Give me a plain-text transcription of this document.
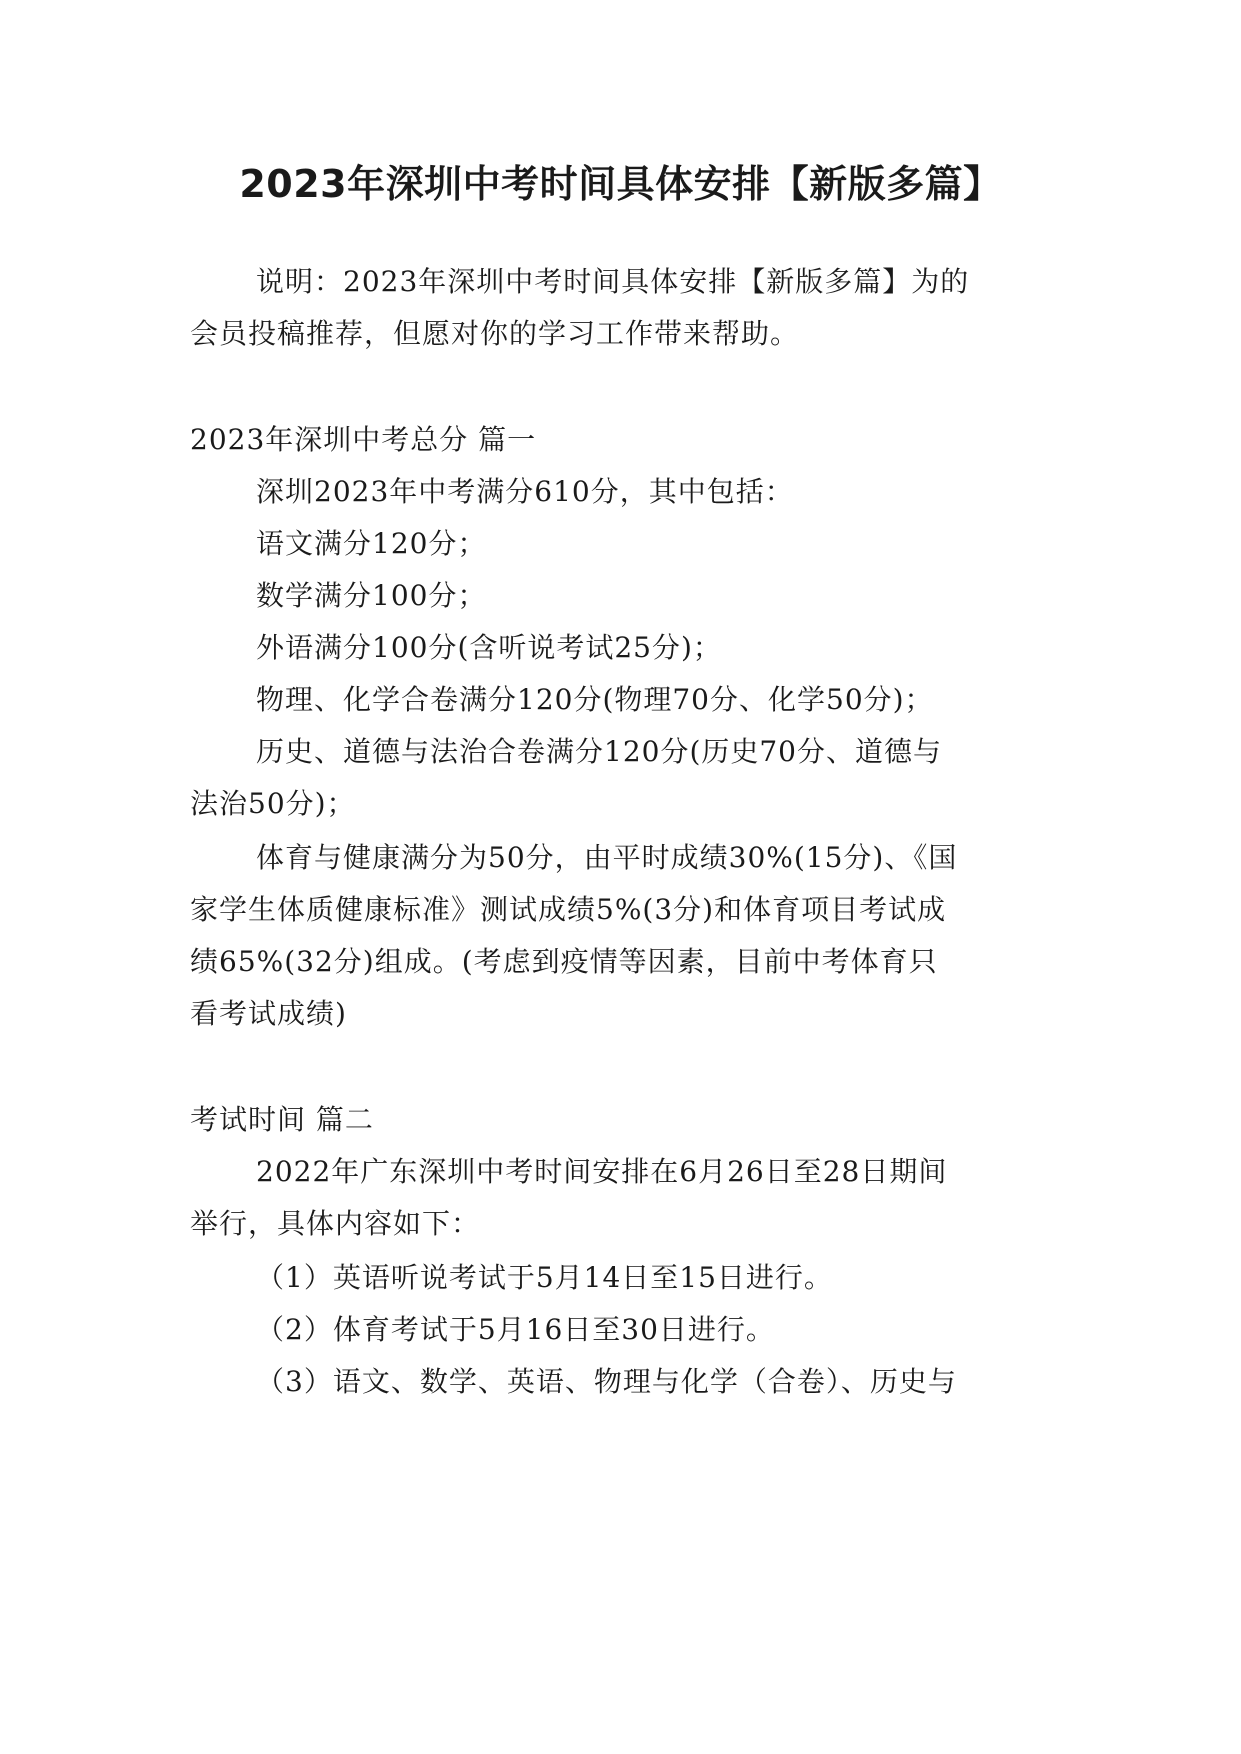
2023年深圳中考时间具体安排【新版多篇】
说明：2023年深圳中考时间具体安排【新版多篇】为的
会员投稿推荐，但愿对你的学习工作带来帮助。
2023年深圳中考总分 篇一
深圳2023年中考满分610分，其中包括：
语文满分120分；
数学满分100分；
外语满分100分(含听说考试25分)；
物理、化学合卷满分120分(物理70分、化学50分)；
历史、道德与法治合卷满分120分(历史70分、道德与
法治50分)；
体育与健康满分为50分，由平时成绩30%(15分)、《国
家学生体质健康标准》测试成绩5%(3分)和体育项目考试成
绩65%(32分)组成。(考虑到疫情等因素，目前中考体育只
看考试成绩)
考试时间 篇二
2022年广东深圳中考时间安排在6月26日至28日期间
举行，具体内容如下：
（1）英语听说考试于5月14日至15日进行。
（2）体育考试于5月16日至30日进行。
（3）语文、数学、英语、物理与化学（合卷）、历史与
